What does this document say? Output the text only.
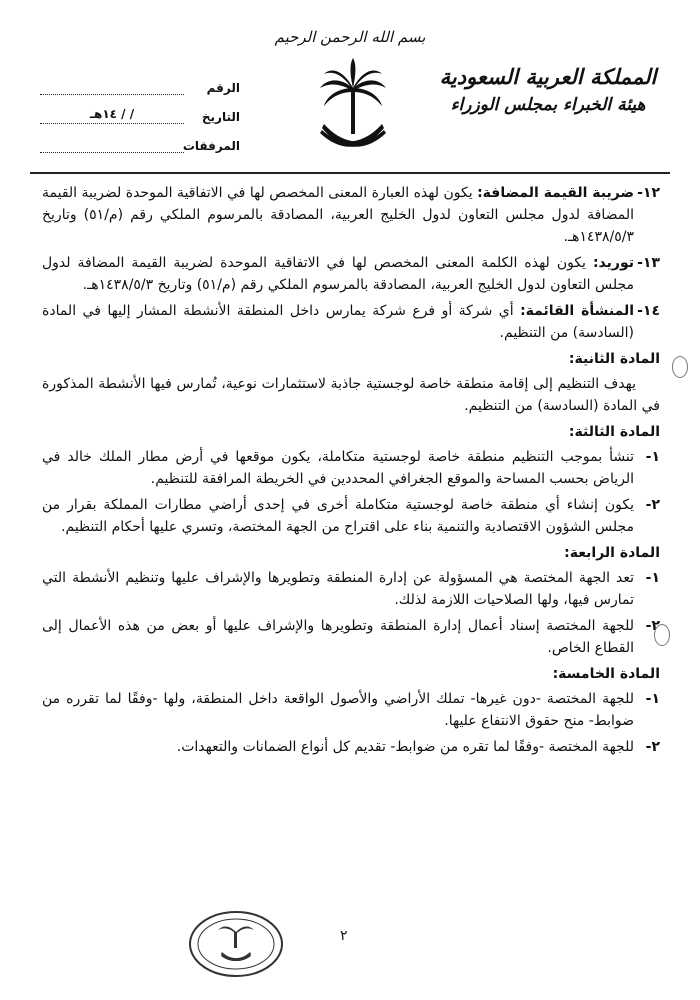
بسم الله الرحمن الرحيم
المملكة العربية السعودية
هيئة الخبراء بمجلس الوزراء
الرقم
التاريخ
/ / ١٤هـ
المرفقات
١٢-
ضريبة القيمة المضافة: يكون لهذه العبارة المعنى المخصص لها في الاتفاقية الموحدة لضريبة القيمة المضافة لدول مجلس التعاون لدول الخليج العربية، المصادقة بالمرسوم الملكي رقم (م/٥١) وتاريخ ١٤٣٨/٥/٣هـ.
١٣-
توريد: يكون لهذه الكلمة المعنى المخصص لها في الاتفاقية الموحدة لضريبة القيمة المضافة لدول مجلس التعاون لدول الخليج العربية، المصادقة بالمرسوم الملكي رقم (م/٥١) وتاريخ ١٤٣٨/٥/٣هـ.
١٤-
المنشأة القائمة: أي شركة أو فرع شركة يمارس داخل المنطقة الأنشطة المشار إليها في المادة (السادسة) من التنظيم.
المادة الثانية:
يهدف التنظيم إلى إقامة منطقة خاصة لوجستية جاذبة لاستثمارات نوعية، تُمارس فيها الأنشطة المذكورة في المادة (السادسة) من التنظيم.
المادة الثالثة:
١-
تنشأ بموجب التنظيم منطقة خاصة لوجستية متكاملة، يكون موقعها في أرض مطار الملك خالد في الرياض بحسب المساحة والموقع الجغرافي المحددين في الخريطة المرافقة للتنظيم.
٢-
يكون إنشاء أي منطقة خاصة لوجستية متكاملة أخرى في إحدى أراضي مطارات المملكة بقرار من مجلس الشؤون الاقتصادية والتنمية بناء على اقتراح من الجهة المختصة، وتسري عليها أحكام التنظيم.
المادة الرابعة:
١-
تعد الجهة المختصة هي المسؤولة عن إدارة المنطقة وتطويرها والإشراف عليها وتنظيم الأنشطة التي تمارس فيها، ولها الصلاحيات اللازمة لذلك.
٢-
للجهة المختصة إسناد أعمال إدارة المنطقة وتطويرها والإشراف عليها أو بعض من هذه الأعمال إلى القطاع الخاص.
المادة الخامسة:
١-
للجهة المختصة -دون غيرها- تملك الأراضي والأصول الواقعة داخل المنطقة، ولها -وفقًا لما تقرره من ضوابط- منح حقوق الانتفاع عليها.
٢-
للجهة المختصة -وفقًا لما تقره من ضوابط- تقديم كل أنواع الضمانات والتعهدات.
٢
